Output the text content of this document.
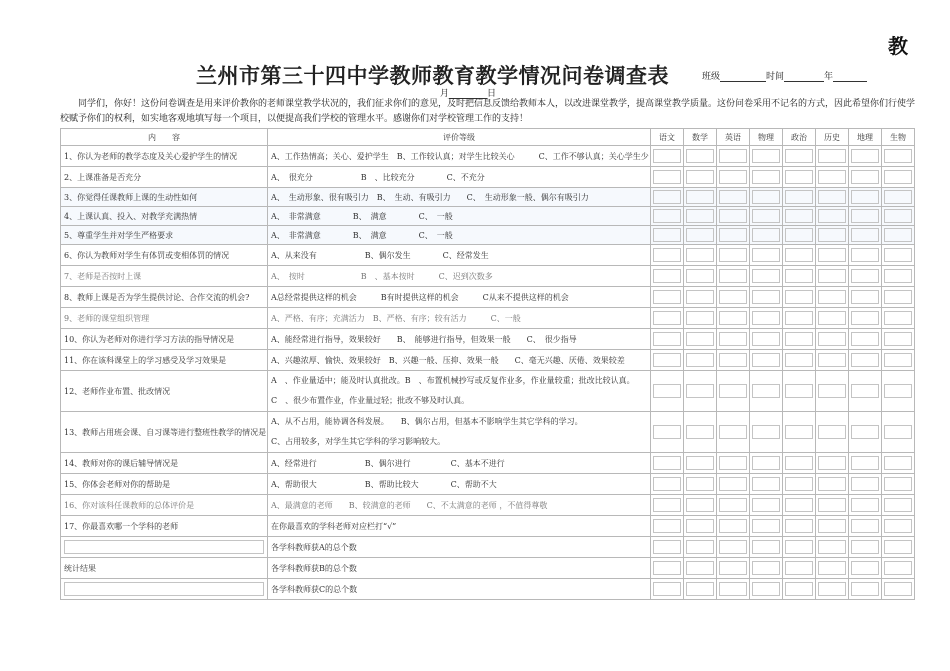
教
兰州市第三十四中学教师教育教学情况问卷调查表	班级	时间	年
月	日
同学们，你好！这份问卷调查是用来评价教你的老师课堂教学状况的，我们征求你们的意见，及时把信息反馈给教师本人，以改进课堂教学，提高课堂教学质量。这份问卷采用不记名的方式，因此希望你们行使学校赋予你们的权利，如实地客观地填写每一个项目，以便提高我们学校的管理水平。感谢你们对学校管理工作的支持！
内　　容	评价等级	语文	数学	英语	物理	政治	历史	地理	生物
1、你认为老师的教学态度及关心爱护学生的情况	A、工作热情高；关心、爱护学生　B、工作较认真；对学生比较关心　　　C、工作不够认真；关心学生少	

2、上课准备是否充分	A、　很充分　　　　　　B　、比较充分　　　　C、不充分	

3、你觉得任课教师上课的生动性如何	A、　生动形象、很有吸引力　B、　生动、有吸引力　　C、　生动形象一般、偶尔有吸引力	

4、上课认真、投入、对教学充满热情	A、　非常满意　　　　B、　满意　　　　C、　一般	

5、尊重学生并对学生严格要求	A、　非常满意　　　　B、　满意　　　　C、　一般	

6、你认为教师对学生有体罚或变相体罚的情况	A、从来没有　　　　　　B、偶尔发生　　　　C、经常发生	

7、老师是否按时上课	A、　按时　　　　　　　B　、基本按时　　　C、迟到次数多	

8、教师上课是否为学生提供讨论、合作交流的机会?	A总经常提供这样的机会　　　B有时提供这样的机会　　　C从来不提供这样的机会	

9、老师的课堂组织管理	A、严格、有序；充满活力　B、严格、有序；较有活力　　　C、一般	

10、你认为老师对你进行学习方法的指导情况是	A、能经常进行指导，效果较好　　B、　能够进行指导，但效果一般　　C、　很少指导	

11、你在该科课堂上的学习感受及学习效果是	A、兴趣浓厚、愉快、效果较好　B、兴趣一般、压抑、效果一般　　C、毫无兴趣、厌倦、效果较差	

12、老师作业布置、批改情况	A　、作业量适中；能及时认真批改。B　、布置机械抄写或反复作业多，作业量较重；批改比较认真。
C　、很少布置作业，作业量过轻；批改不够及时认真。								

13、教师占用班会课、自习课等进行整班性教学的情况是	A、从不占用，能协调各科发展。　　B、偶尔占用，但基本不影响学生其它学科的学习。
C、占用较多，对学生其它学科的学习影响较大。								

14、教师对你的课后辅导情况是	A、经常进行　　　　　　B、偶尔进行　　　　　C、基本不进行	

15、你体会老师对你的帮助是	A、帮助很大　　　　　　B、帮助比较大　　　　C、帮助不大	

16、你对该科任课教师的总体评价是	A、最满意的老师　　B、较满意的老师　　C、不太满意的老师 ，不值得尊敬	

17、你最喜欢哪一个学科的老师	在你最喜欢的学科老师对应栏打“√”	

	各学科教师获A的总个数	

统计结果	各学科教师获B的总个数	

	各学科教师获C的总个数	
